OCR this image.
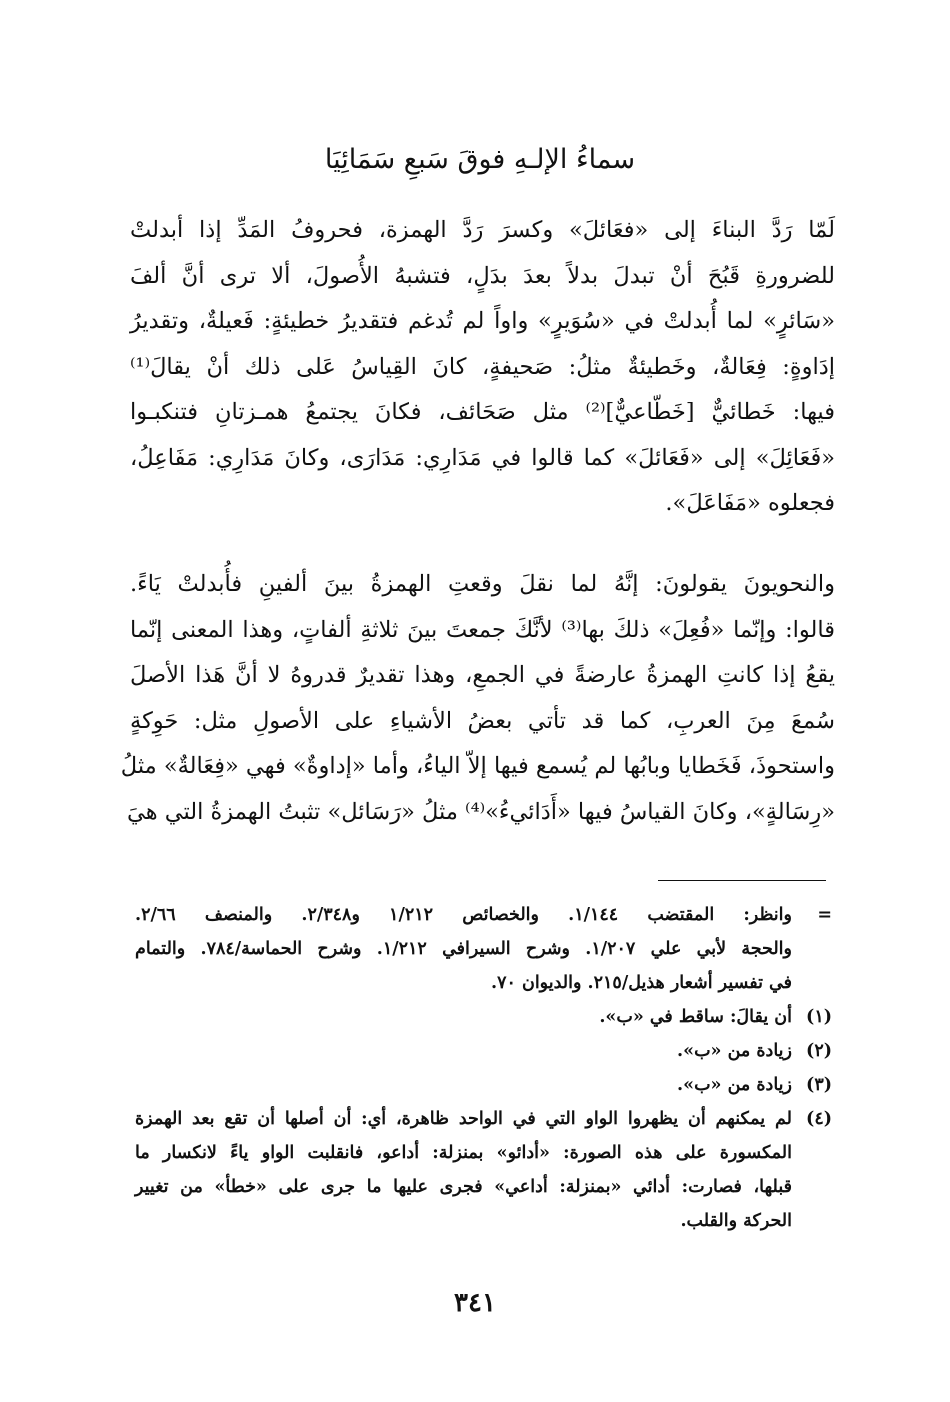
سماءُ الإلـهِ فوقَ سَبعِ سَمَائِيَا
لَمّا رَدَّ البناءَ إلى «فعَائلَ» وكسرَ رَدَّ الهمزة، فحروفُ المَدِّ إذا أبدلتْ
للضرورةِ قَبُحَ أنْ تبدلَ بدلاً بعدَ بدَلٍ، فتشبهُ الأُصولَ، ألا ترى أنَّ ألفَ
«سَائرٍ» لما أُبدلتْ في «سُوَيرٍ» واواً لم تُدغم فتقديرُ خطيئةٍ: فَعيلةٌ، وتقديرُ
إدَاوةٍ: فِعَالةٌ، وخَطيئةٌ مثلُ: صَحيفةٍ، كانَ القِياسُ عَلى ذلك أنْ يقالَ⁽¹⁾
فيها: خَطائيٌّ [خَطّاعيٌّ]⁽²⁾ مثل صَحَائف، فكانَ يجتمعُ همـزتانِ فتنكبـوا
«فَعَائِلَ» إلى «فَعَائلَ» كما قالوا في مَدَارِي: مَدَارَى، وكانَ مَدَارِي: مَفَاعِلُ،
فجعلوه «مَفَاعَلَ».
والنحويونَ يقولونَ: إنَّهُ لما نقلَ وقعتِ الهمزةُ بينَ ألفينِ فأُبدلتْ يَاءً.
قالوا: وإنّما «فُعِلَ» ذلكَ بها⁽³⁾ لأنَّكَ جمعتَ بينَ ثلاثةِ ألفاتٍ، وهذا المعنى إنّما
يقعُ إذا كانتِ الهمزةُ عارضةً في الجمعِ، وهذا تقديرٌ قدروهُ لا أنَّ هَذا الأصلَ
سُمعَ مِنَ العربِ، كما قد تأتي بعضُ الأشياءِ على الأصولِ مثل: حَوِكةٍ
واستحوذَ، فَخَطايا وبابُها لم يُسمع فيها إلاّ الياءُ، وأما «إداوةٌ» فهي «فِعَالةٌ» مثلُ
«رِسَالةٍ»، وكانَ القياسُ فيها «أَدَائيءُ»⁽⁴⁾ مثلُ «رَسَائل» تثبتُ الهمزةُ التي هيَ
=
وانظر: المقتضب ١/١٤٤. والخصائص ١/٢١٢ و٢/٣٤٨. والمنصف ٢/٦٦.
والحجة لأبي علي ١/٢٠٧. وشرح السيرافي ١/٢١٢. وشرح الحماسة/٧٨٤. والتمام
في تفسير أشعار هذيل/٢١٥. والديوان ٧٠.
(١)
أن يقالَ: ساقط في «ب».
(٢)
زيادة من «ب».
(٣)
زيادة من «ب».
(٤)
لم يمكنهم أن يظهروا الواو التي في الواحد ظاهرة، أي: أن أصلها أن تقع بعد الهمزة
المكسورة على هذه الصورة: «أدائو» بمنزلة: أداعو، فانقلبت الواو ياءً لانكسار ما
قبلها، فصارت: أدائي «بمنزلة: أداعي» فجرى عليها ما جرى على «خطأ» من تغيير
الحركة والقلب.
٣٤١
